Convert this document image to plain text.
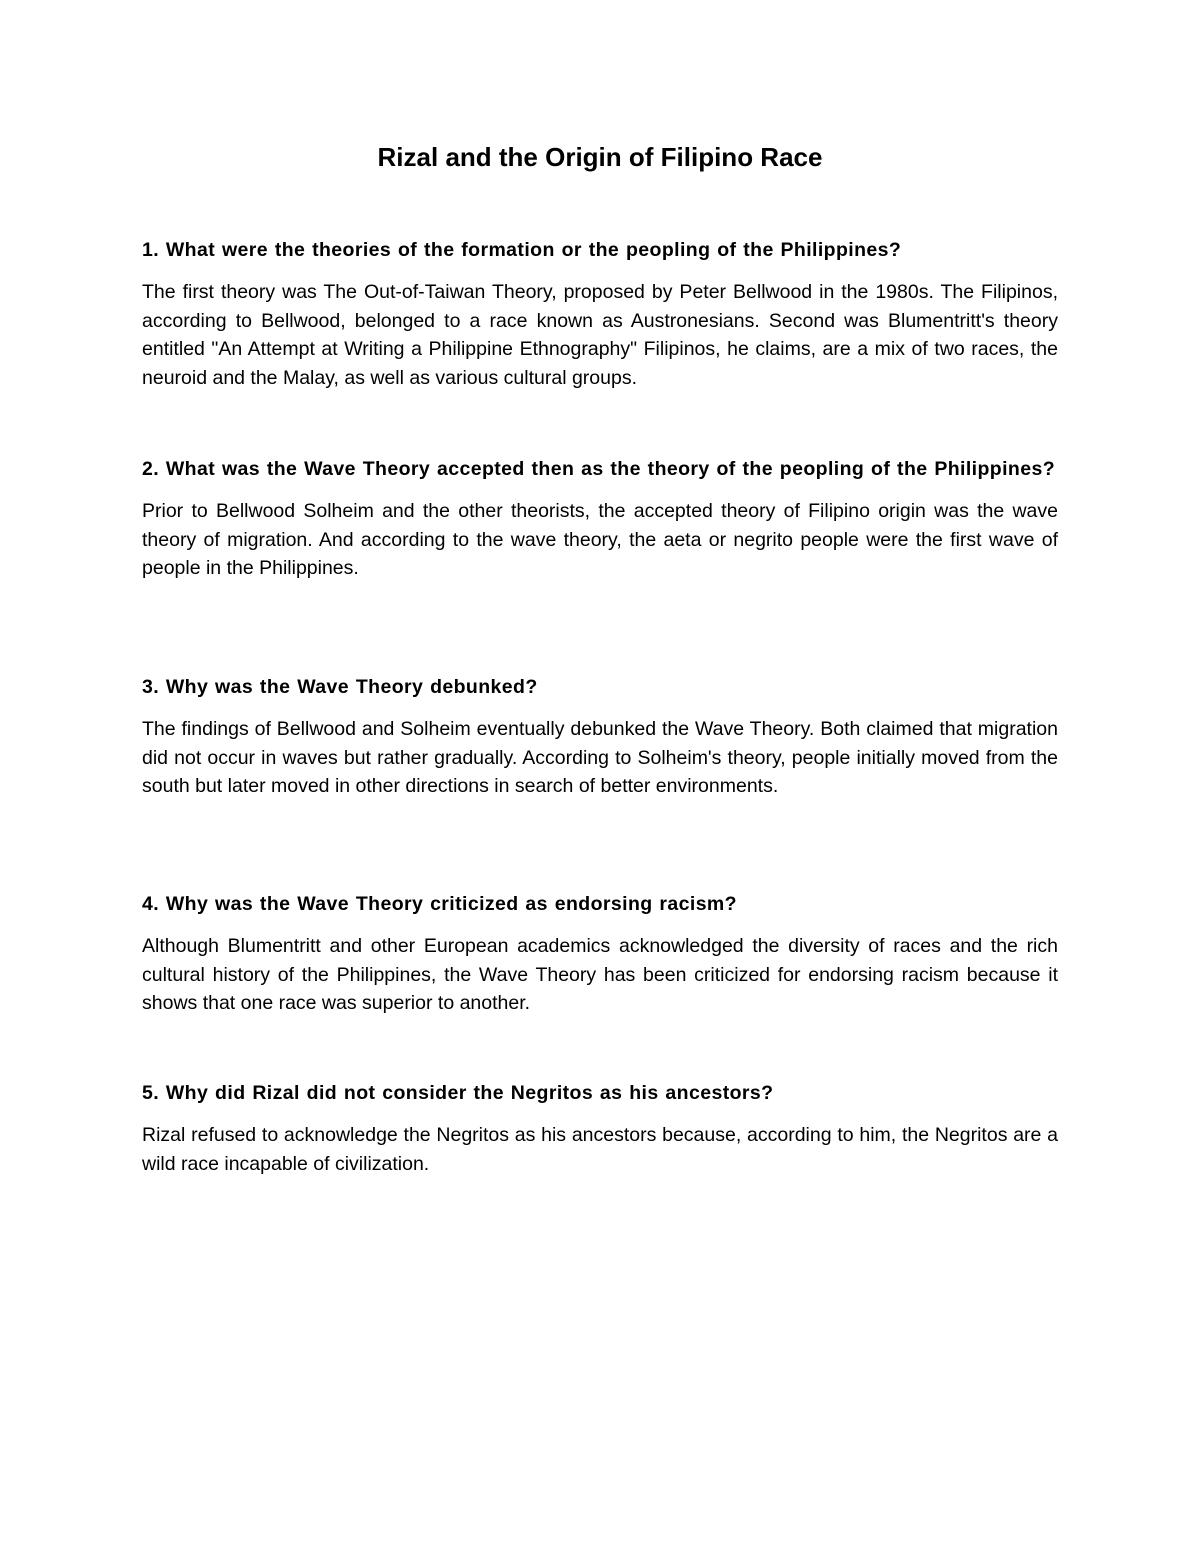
Rizal and the Origin of Filipino Race

1. What were the theories of the formation or the peopling of the Philippines?

The first theory was The Out-of-Taiwan Theory, proposed by Peter Bellwood in the 1980s. The Filipinos, according to Bellwood, belonged to a race known as Austronesians. Second was Blumentritt's theory entitled "An Attempt at Writing a Philippine Ethnography" Filipinos, he claims, are a mix of two races, the neuroid and the Malay, as well as various cultural groups.

2. What was the Wave Theory accepted then as the theory of the peopling of the Philippines?

Prior to Bellwood Solheim and the other theorists, the accepted theory of Filipino origin was the wave theory of migration. And according to the wave theory, the aeta or negrito people were the first wave of people in the Philippines.

3. Why was the Wave Theory debunked?

The findings of Bellwood and Solheim eventually debunked the Wave Theory. Both claimed that migration did not occur in waves but rather gradually. According to Solheim's theory, people initially moved from the south but later moved in other directions in search of better environments.

4. Why was the Wave Theory criticized as endorsing racism?

Although Blumentritt and other European academics acknowledged the diversity of races and the rich cultural history of the Philippines, the Wave Theory has been criticized for endorsing racism because it shows that one race was superior to another.

5. Why did Rizal did not consider the Negritos as his ancestors?

Rizal refused to acknowledge the Negritos as his ancestors because, according to him, the Negritos are a wild race incapable of civilization.
